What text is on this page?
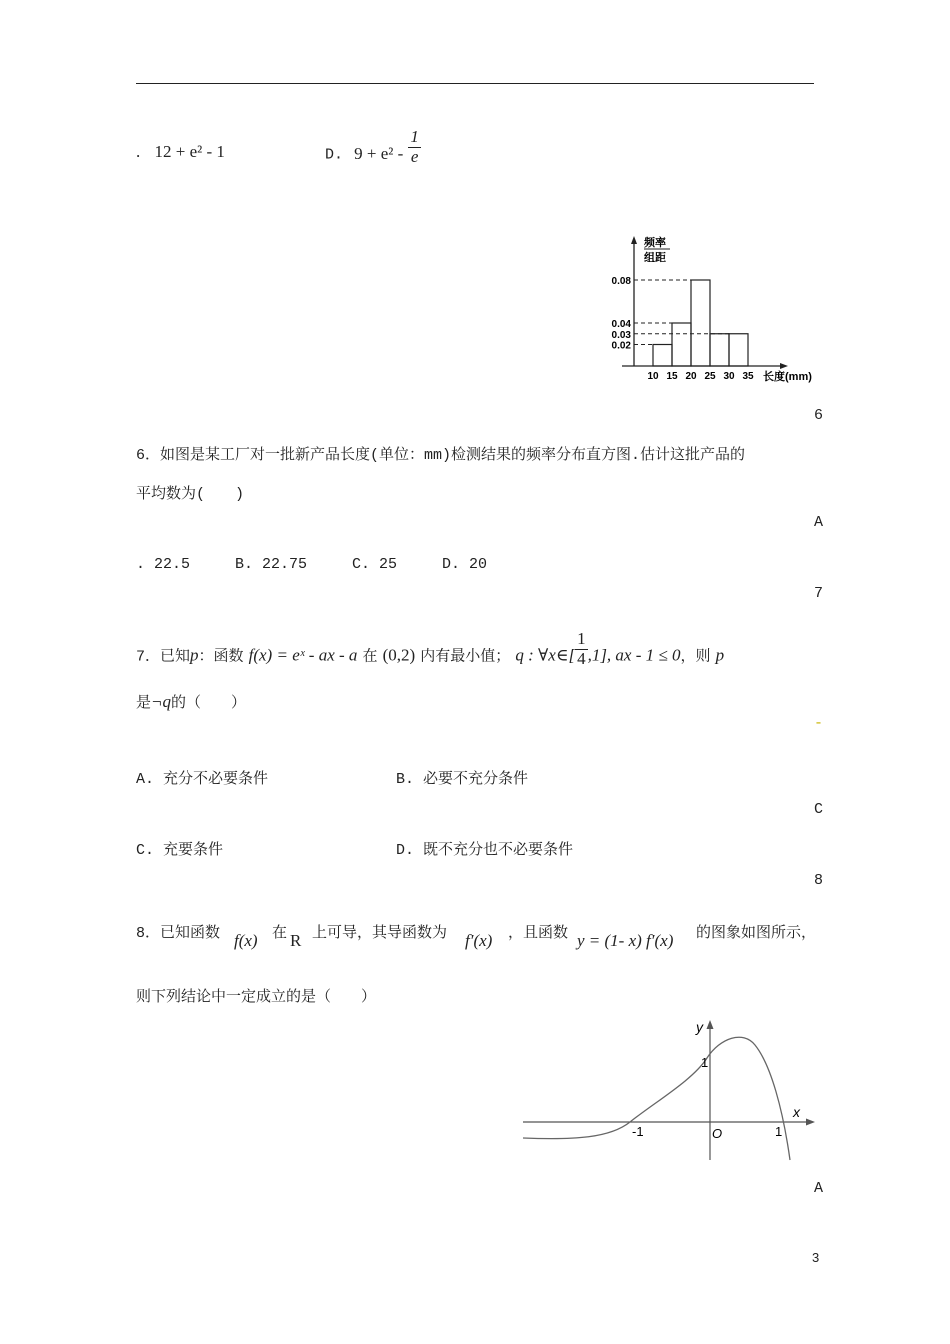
. 12 + e² - 1	D. $9 + e^2 - \frac{1}{e}$
频率
组距
0.08
0.04
0.03
0.02
10 15 20 25 30 35 长度(mm)
6
A
7
-
C
8
A
6．如图是某工厂对一批新产品长度(单位：mm)检测结果的频率分布直方图.估计这批产品的
平均数为(　　)
. 22.5　　　B. 22.75　　　C. 25　　　D. 20
7．已知p：函数 f(x) = eˣ - ax - a 在 (0,2) 内有最小值； q : ∀x∈[ $\frac{1}{4} ,1$], ax - 1 ≤ 0，则 p
是¬q的（　　）
A. 充分不必要条件	B. 必要不充分条件
C. 充要条件	D. 既不充分也不必要条件
8．已知函数 f(x) 在 R 上可导，其导函数为 f′(x) ，且函数 y = (1- x) f′(x) 的图象如图所示，
则下列结论中一定成立的是（　　）
y
x
O
-1	1
1
3
